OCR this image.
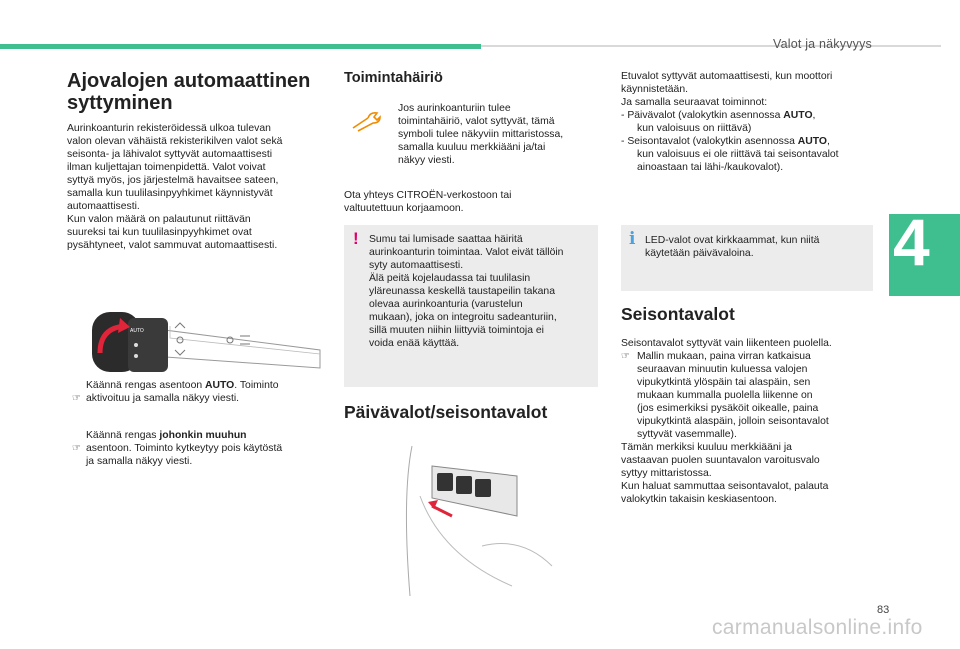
Valot ja näkyvyys
4
Ajovalojen automaattinen
syttyminen
Aurinkoanturin rekisteröidessä ulkoa tulevan
valon olevan vähäistä rekisterikilven valot sekä
seisonta- ja lähivalot syttyvät automaattisesti
ilman kuljettajan toimenpidettä. Valot voivat
syttyä myös, jos järjestelmä havaitsee sateen,
samalla kun tuulilasinpyyhkimet käynnistyvät
automaattisesti.
Kun valon määrä on palautunut riittävän
suureksi tai kun tuulilasinpyyhkimet ovat
pysähtyneet, valot sammuvat automaattisesti.
AUTO
☞
Käännä rengas asentoon AUTO. Toiminto
aktivoituu ja samalla näkyy viesti.
☞
Käännä rengas johonkin muuhun
asentoon. Toiminto kytkeytyy pois käytöstä
ja samalla näkyy viesti.
Toimintahäiriö
Jos aurinkoanturiin tulee
toimintahäiriö, valot syttyvät, tämä
symboli tulee näkyviin mittaristossa,
samalla kuuluu merkkiääni ja/tai
näkyy viesti.
Ota yhteys CITROËN-verkostoon tai
valtuutettuun korjaamoon.
! Sumu tai lumisade saattaa häiritä
aurinkoanturin toimintaa. Valot eivät tällöin
syty automaattisesti.
Älä peitä kojelaudassa tai tuulilasin
yläreunassa keskellä taustapeilin takana
olevaa aurinkoanturia (varustelun
mukaan), joka on integroitu sadeanturiin,
sillä muuten niihin liittyviä toimintoja ei
voida enää käyttää.
Päivävalot/seisontavalot
Etuvalot syttyvät automaattisesti, kun moottori
käynnistetään.
Ja samalla seuraavat toiminnot:
- Päivävalot (valokytkin asennossa AUTO,
kun valoisuus on riittävä)
- Seisontavalot (valokytkin asennossa AUTO,
kun valoisuus ei ole riittävä tai seisontavalot
ainoastaan tai lähi-/kaukovalot).
i LED-valot ovat kirkkaammat, kun niitä
käytetään päivävaloina.
Seisontavalot
Seisontavalot syttyvät vain liikenteen puolella.
☞ Mallin mukaan, paina virran katkaisua
seuraavan minuutin kuluessa valojen
vipukytkintä ylöspäin tai alaspäin, sen
mukaan kummalla puolella liikenne on
(jos esimerkiksi pysäköit oikealle, paina
vipukytkintä alaspäin, jolloin seisontavalot
syttyvät vasemmalle).
Tämän merkiksi kuuluu merkkiääni ja
vastaavan puolen suuntavalon varoitusvalo
syttyy mittaristossa.
Kun haluat sammuttaa seisontavalot, palauta
valokytkin takaisin keskiasentoon.
83
carmanualsonline.info
